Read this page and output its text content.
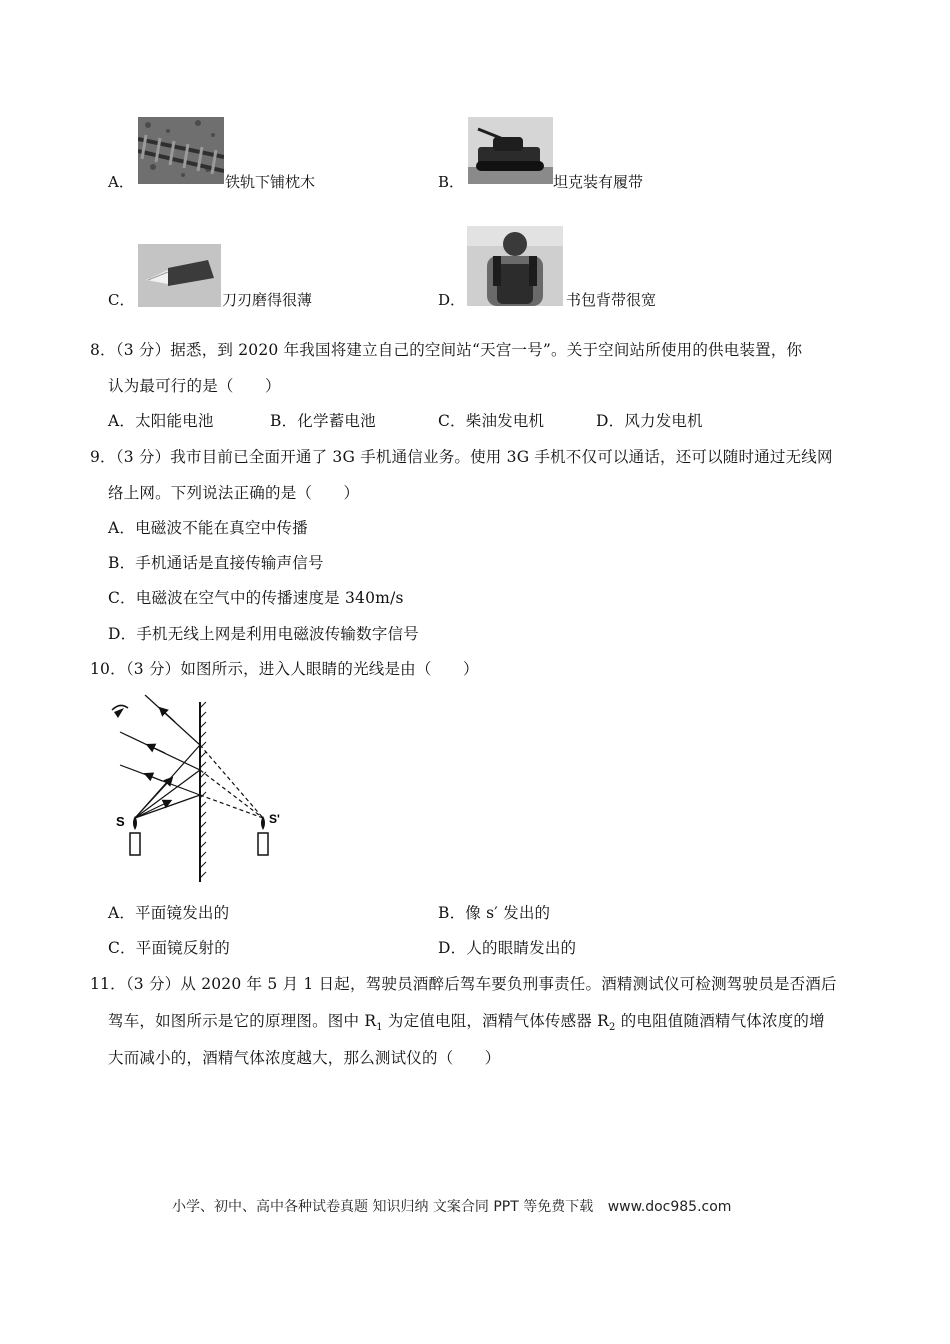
A．	铁轨下铺枕木	B．	坦克装有履带
C．	刀刃磨得很薄	D．	书包背带很宽
8．（3 分）据悉，到 2020 年我国将建立自己的空间站“天宫一号”。关于空间站所使用的供电装置，你
认为最可行的是（　　）
A．太阳能电池	B．化学蓄电池	C．柴油发电机	D．风力发电机
9．（3 分）我市目前已全面开通了 3G 手机通信业务。使用 3G 手机不仅可以通话，还可以随时通过无线网
络上网。下列说法正确的是（　　）
A．电磁波不能在真空中传播
B．手机通话是直接传输声信号
C．电磁波在空气中的传播速度是 340m/s
D．手机无线上网是利用电磁波传输数字信号
10．（3 分）如图所示，进入人眼睛的光线是由（　　）
S	S'
A．平面镜发出的	B．像 s′ 发出的
C．平面镜反射的	D．人的眼睛发出的
11．（3 分）从 2020 年 5 月 1 日起，驾驶员酒醉后驾车要负刑事责任。酒精测试仪可检测驾驶员是否酒后
驾车，如图所示是它的原理图。图中 $R_1$ 为定值电阻，酒精气体传感器 $R_2$ 的电阻值随酒精气体浓度的增
大而减小的，酒精气体浓度越大，那么测试仪的（　　）
小学、初中、高中各种试卷真题 知识归纳 文案合同 PPT 等免费下载 www.doc985.com
